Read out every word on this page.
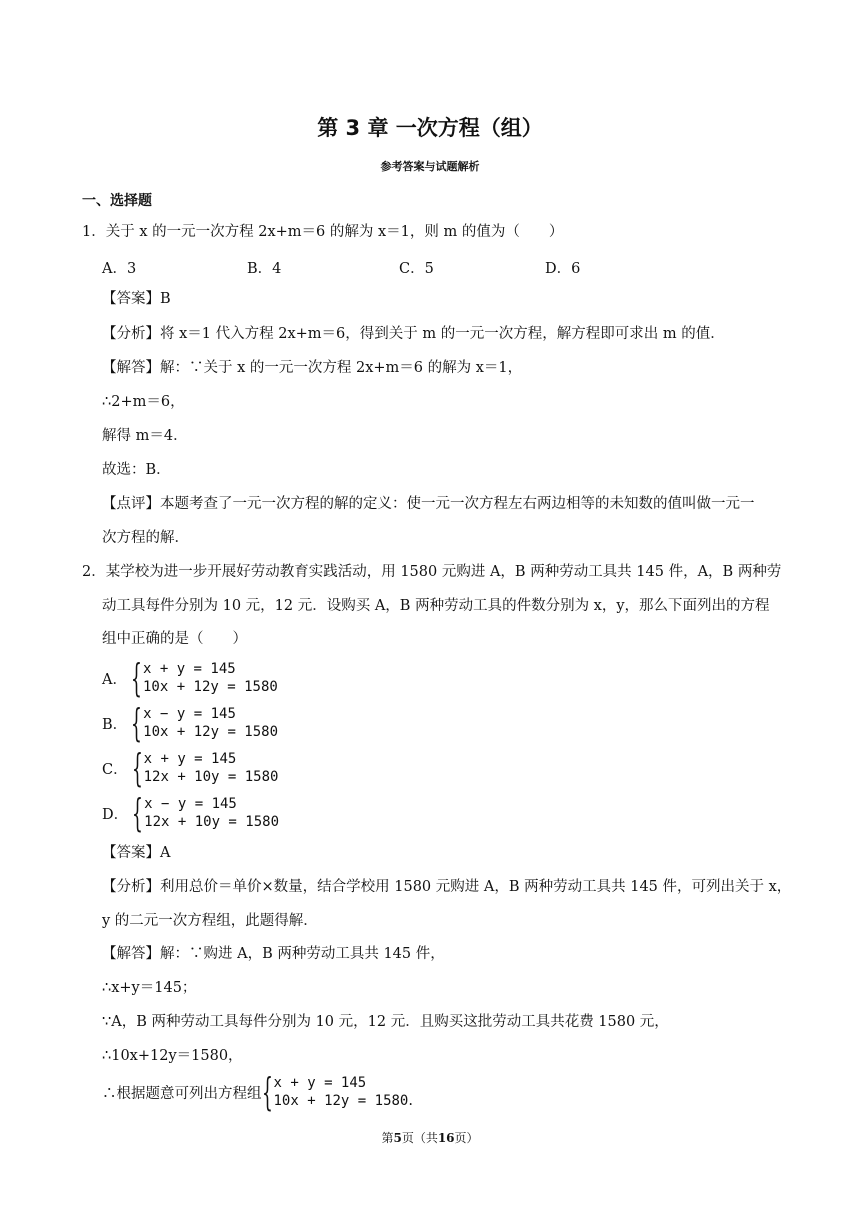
第 3 章 一次方程（组）
参考答案与试题解析
一、选择题
1．关于 x 的一元一次方程 2x+m＝6 的解为 x＝1，则 m 的值为（　　）
A．3	B．4	C．5	D．6
【答案】B
【分析】将 x＝1 代入方程 2x+m＝6，得到关于 m 的一元一次方程，解方程即可求出 m 的值．
【解答】解：∵关于 x 的一元一次方程 2x+m＝6 的解为 x＝1，
∴2+m＝6，
解得 m＝4．
故选：B．
【点评】本题考查了一元一次方程的解的定义：使一元一次方程左右两边相等的未知数的值叫做一元一
次方程的解．
2．某学校为进一步开展好劳动教育实践活动，用 1580 元购进 A，B 两种劳动工具共 145 件，A，B 两种劳
动工具每件分别为 10 元，12 元．设购买 A，B 两种劳动工具的件数分别为 x，y，那么下面列出的方程
组中正确的是（　　）
A． { x + y = 145
10x + 12y = 1580
B． { x − y = 145
10x + 12y = 1580
C． { x + y = 145
12x + 10y = 1580
D． { x − y = 145
12x + 10y = 1580
【答案】A
【分析】利用总价＝单价×数量，结合学校用 1580 元购进 A，B 两种劳动工具共 145 件，可列出关于 x，
y 的二元一次方程组，此题得解．
【解答】解：∵购进 A，B 两种劳动工具共 145 件，
∴x+y＝145；
∵A，B 两种劳动工具每件分别为 10 元，12 元．且购买这批劳动工具共花费 1580 元，
∴10x+12y＝1580，
∴根据题意可列出方程组 { x + y = 145
10x + 12y = 1580 .
第5页（共16页）
